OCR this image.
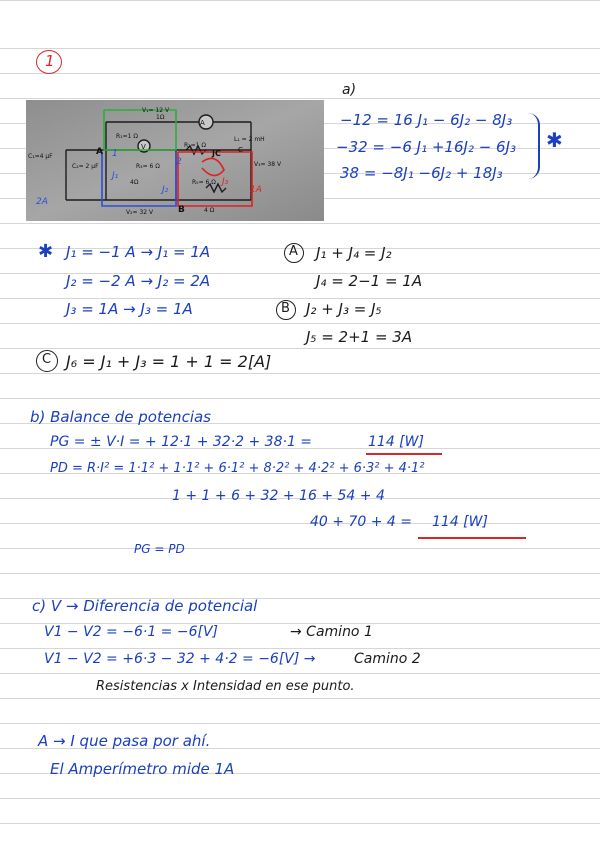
1
V₁= 12 V
1Ω
L₁ = 2 mH
R₁=1 Ω
R₃= 6 Ω
R₂=1 Ω
C₁=4 μF
C₂= 2 μF	V₃= 38 V
4Ω	R₅= 6 Ω
4 Ω
V₂= 32 V
A
V
A
B
C
JC
J₁
J₂
1
2
2A
J₃
1A
a)
−12 = 16 J₁ − 6J₂ − 8J₃
−32 = −6 J₁ +16J₂ − 6J₃
38 = −8J₁ −6J₂ + 18J₃
✱
✱ J₁ = −1 A → J₁ = 1A
J₂ = −2 A → J₂ = 2A
J₃ = 1A → J₃ = 1A
A J₁ + J₄ = J₂
J₄ = 2−1 = 1A
B J₂ + J₃ = J₅
J₅ = 2+1 = 3A
C J₆ = J₁ + J₃ = 1 + 1 = 2[A]
b) Balance de potencias
PG = ± V·I = + 12·1 + 32·2 + 38·1 =	114 [W]
PD = R·I² = 1·1² + 1·1² + 6·1² + 8·2² + 4·2² + 6·3² + 4·1²
1 + 1 + 6 + 32 + 16 + 54 + 4
40 + 70 + 4 = 114 [W]
PG = PD
c) V → Diferencia de potencial
V1 − V2 = −6·1 = −6[V]	→ Camino 1
V1 − V2 = +6·3 − 32 + 4·2 = −6[V] →	Camino 2
Resistencias x Intensidad en ese punto.
A → I que pasa por ahí.
El Amperímetro mide 1A
